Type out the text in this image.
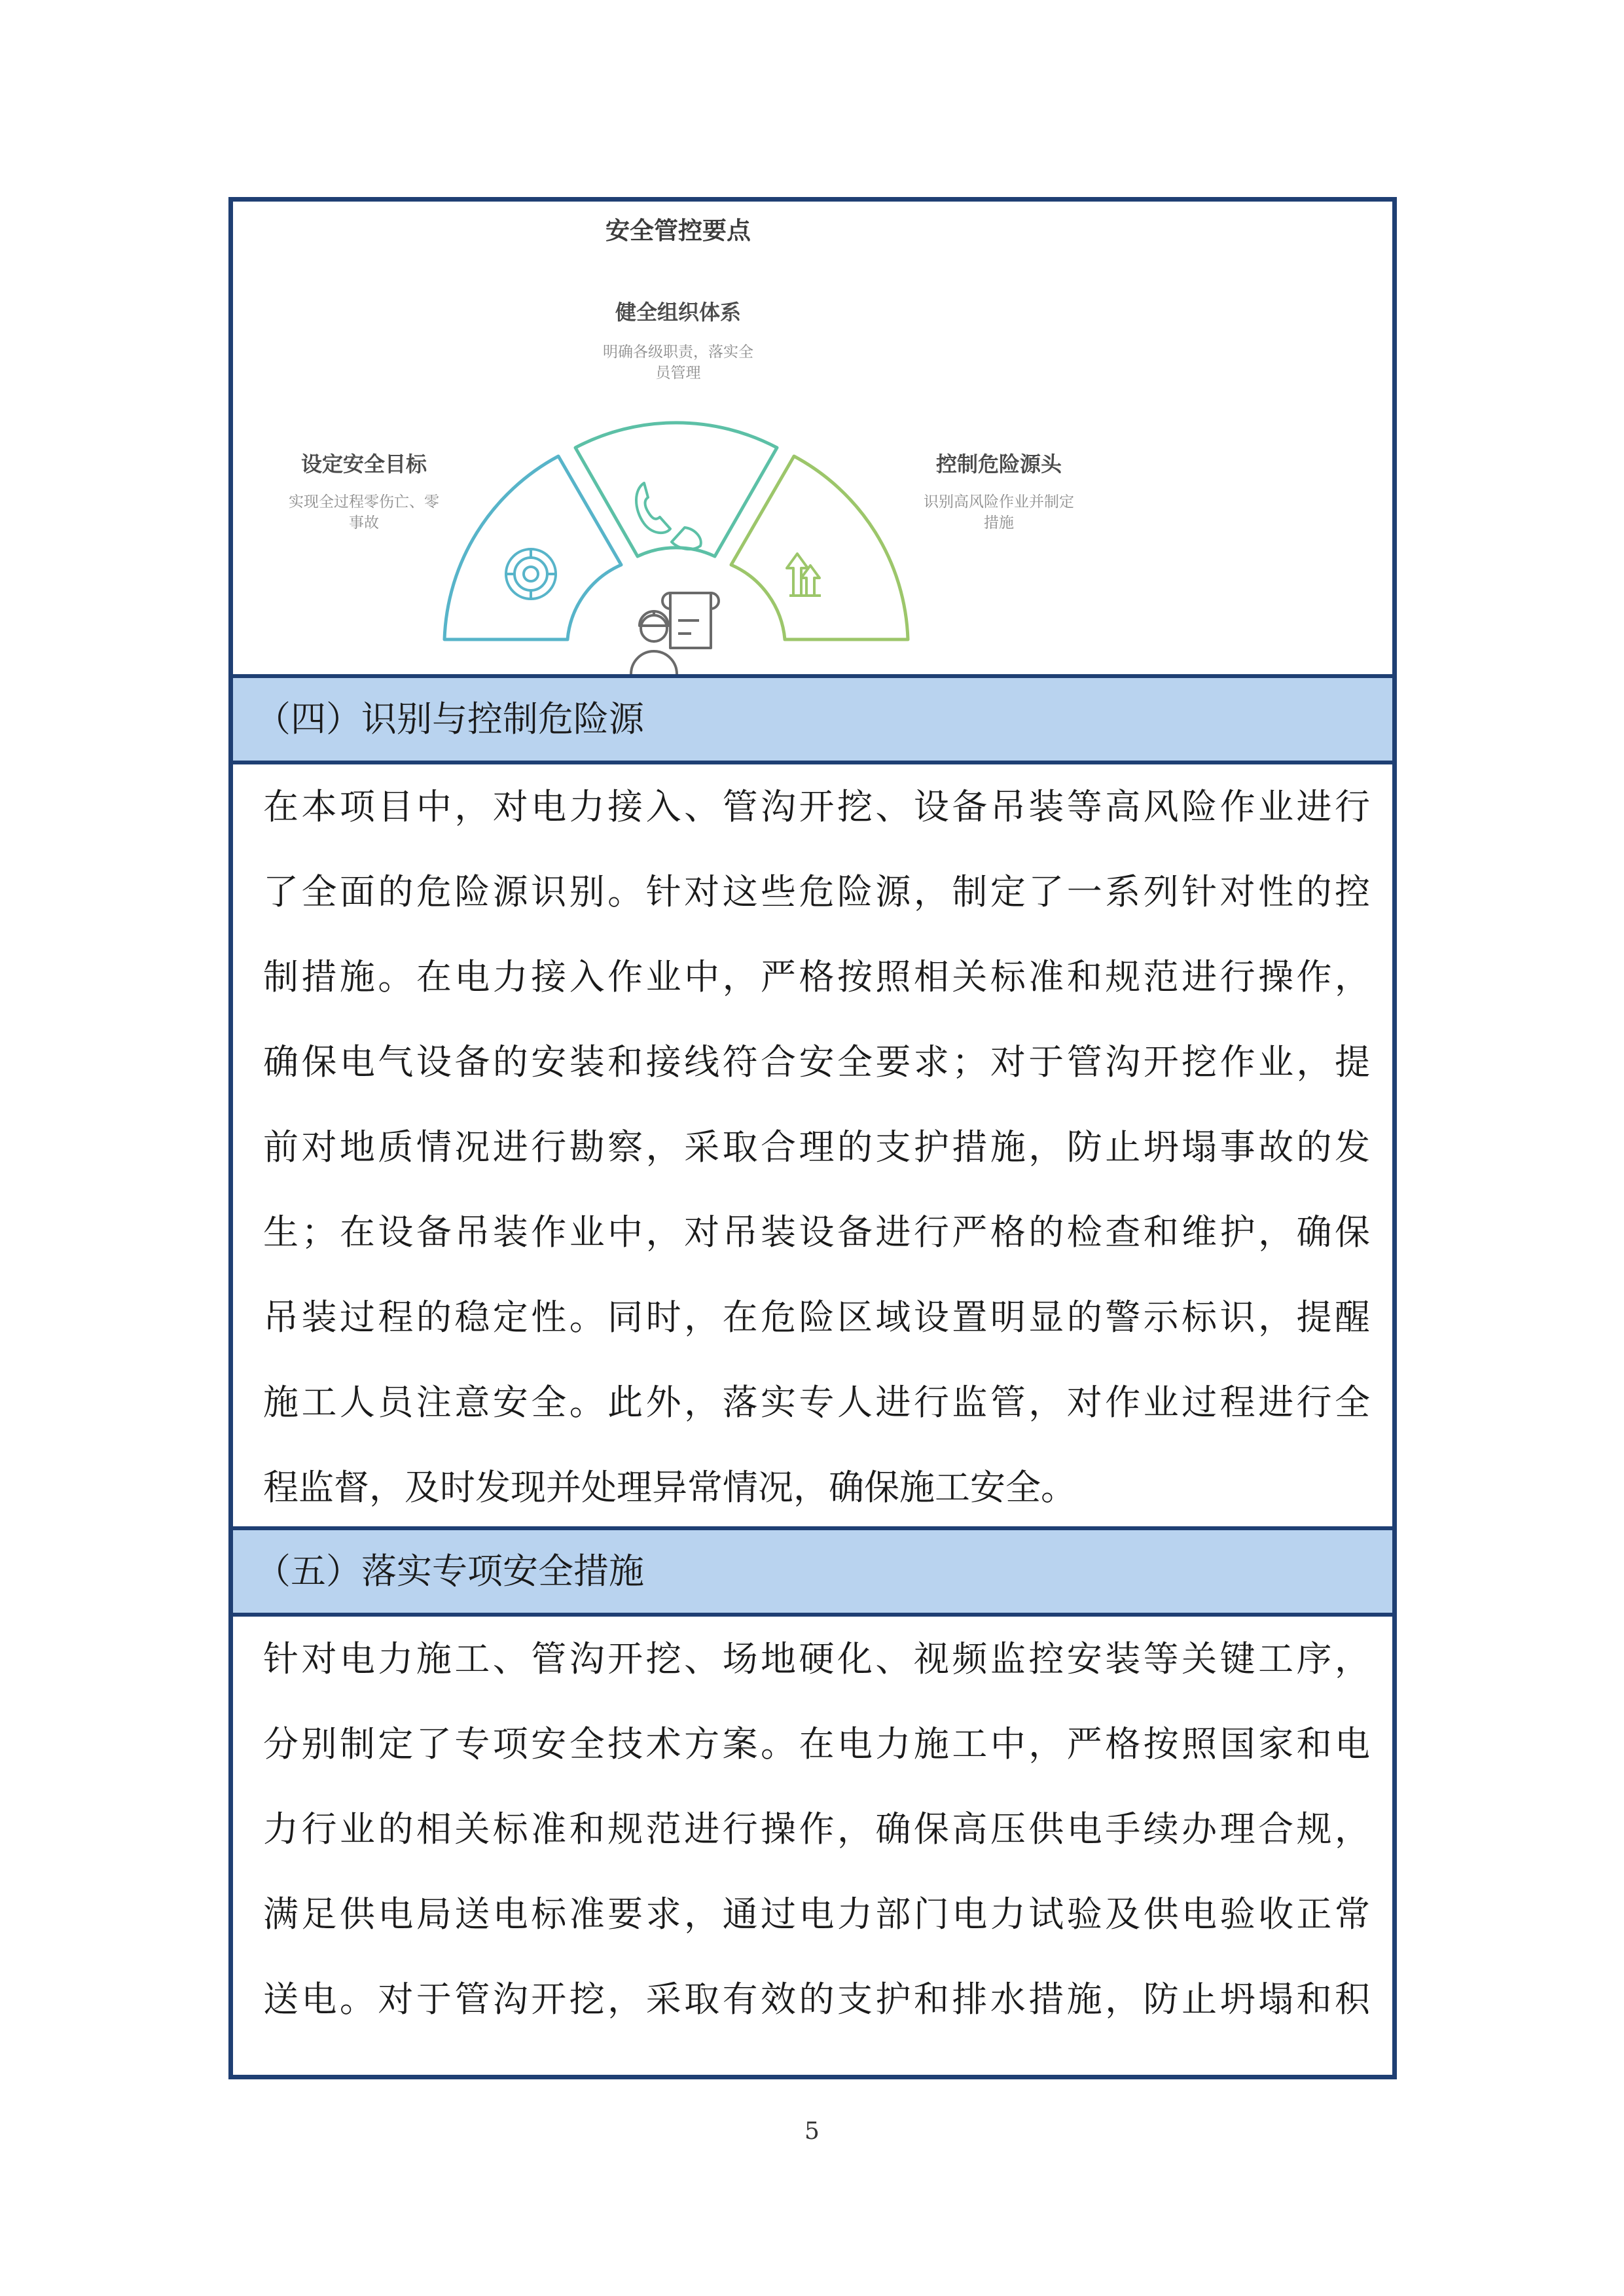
安全管控要点
健全组织体系
明确各级职责，落实全
员管理
设定安全目标
实现全过程零伤亡、零
事故
控制危险源头
识别高风险作业并制定
措施
（四）识别与控制危险源
在本项目中，对电力接入、管沟开挖、设备吊装等高风险作业进行
了全面的危险源识别。针对这些危险源，制定了一系列针对性的控
制措施。在电力接入作业中，严格按照相关标准和规范进行操作，
确保电气设备的安装和接线符合安全要求；对于管沟开挖作业，提
前对地质情况进行勘察，采取合理的支护措施，防止坍塌事故的发
生；在设备吊装作业中，对吊装设备进行严格的检查和维护，确保
吊装过程的稳定性。同时，在危险区域设置明显的警示标识，提醒
施工人员注意安全。此外，落实专人进行监管，对作业过程进行全
程监督，及时发现并处理异常情况，确保施工安全。
（五）落实专项安全措施
针对电力施工、管沟开挖、场地硬化、视频监控安装等关键工序，
分别制定了专项安全技术方案。在电力施工中，严格按照国家和电
力行业的相关标准和规范进行操作，确保高压供电手续办理合规，
满足供电局送电标准要求，通过电力部门电力试验及供电验收正常
送电。对于管沟开挖，采取有效的支护和排水措施，防止坍塌和积
5
